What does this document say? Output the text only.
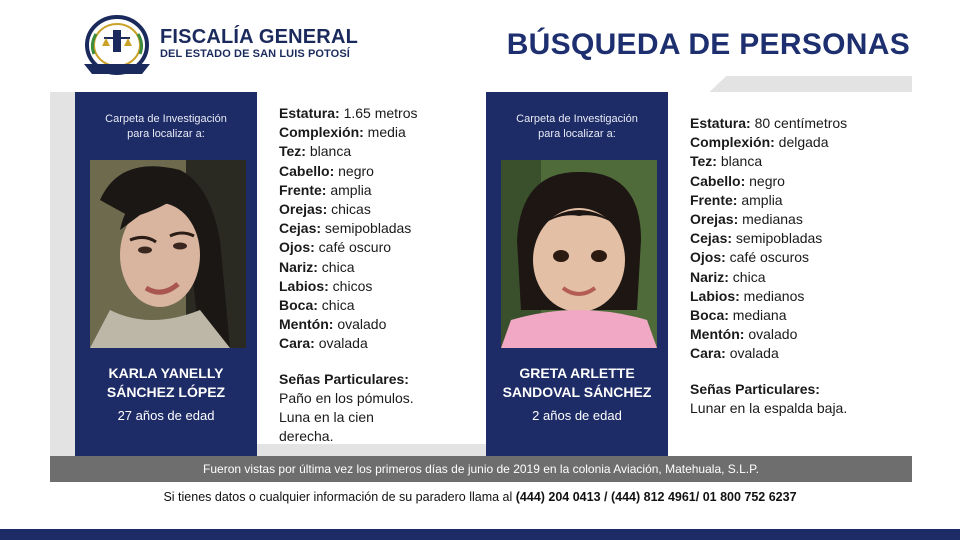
FISCALÍA GENERAL
DEL ESTADO DE SAN LUIS POTOSÍ	BÚSQUEDA DE PERSONAS
Carpeta de Investigación
para localizar a:
KARLA YANELLY
SÁNCHEZ LÓPEZ
27 años de edad
Estatura: 1.65 metros
Complexión: media
Tez: blanca
Cabello: negro
Frente: amplia
Orejas: chicas
Cejas: semipobladas
Ojos: café oscuro
Nariz: chica
Labios: chicos
Boca: chica
Mentón: ovalado
Cara: ovalada
Señas Particulares:
Paño en los pómulos.
Luna en la cien
derecha.
Carpeta de Investigación
para localizar a:
GRETA ARLETTE
SANDOVAL SÁNCHEZ
2 años de edad
Estatura: 80 centímetros
Complexión: delgada
Tez: blanca
Cabello: negro
Frente: amplia
Orejas: medianas
Cejas: semipobladas
Ojos: café oscuros
Nariz: chica
Labios: medianos
Boca: mediana
Mentón: ovalado
Cara: ovalada
Señas Particulares:
Lunar en la espalda baja.
Fueron vistas por última vez los primeros días de junio de 2019 en la colonia Aviación, Matehuala, S.L.P.
Si tienes datos o cualquier información de su paradero llama al (444) 204 0413 / (444) 812 4961/ 01 800 752 6237
